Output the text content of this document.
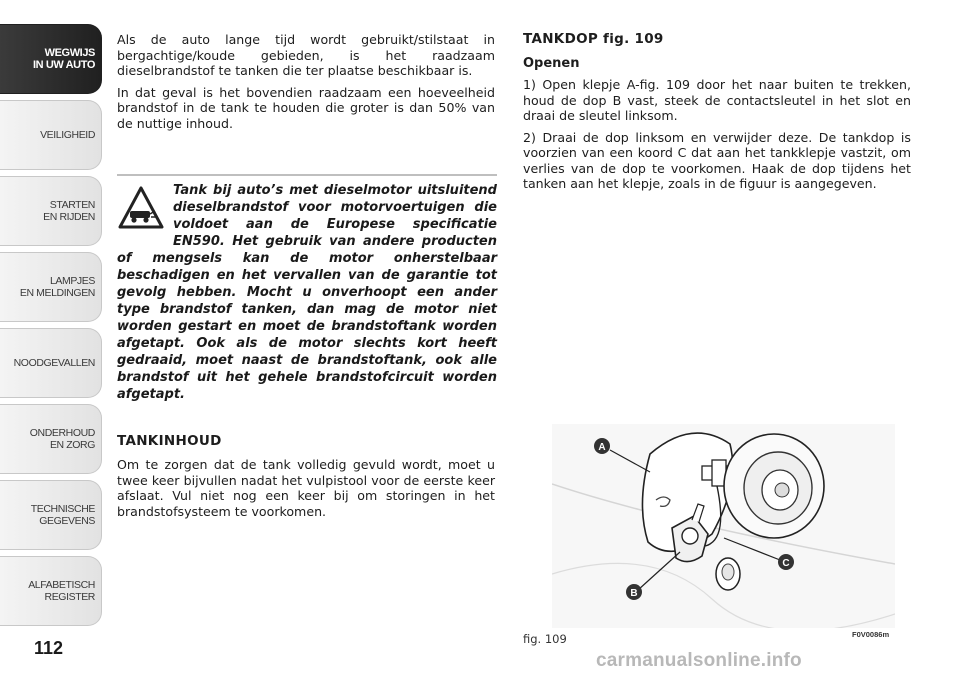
WEGWIJS
IN UW AUTO
VEILIGHEID
STARTEN
EN RIJDEN
LAMPJES
EN MELDINGEN
NOODGEVALLEN
ONDERHOUD
EN ZORG
TECHNISCHE
GEGEVENS
ALFABETISCH
REGISTER
112

Als de auto lange tijd wordt gebruikt/stilstaat in bergachtige/koude gebieden, is het raadzaam dieselbrandstof te tanken die ter plaatse beschikbaar is.

In dat geval is het bovendien raadzaam een hoeveelheid brandstof in de tank te houden die groter is dan 50% van de nuttige inhoud.

Tank bij auto’s met dieselmotor uitsluitend dieselbrandstof voor motorvoertuigen die voldoet aan de Europese specificatie EN590. Het gebruik van andere producten of mengsels kan de motor onherstelbaar beschadigen en het vervallen van de garantie tot gevolg hebben. Mocht u onverhoopt een ander type brandstof tanken, dan mag de motor niet worden gestart en moet de brandstoftank worden afgetapt. Ook als de motor slechts kort heeft gedraaid, moet naast de brandstoftank, ook alle brandstof uit het gehele brandstofcircuit worden afgetapt.
TANKINHOUD
Om te zorgen dat de tank volledig gevuld wordt, moet u twee keer bijvullen nadat het vulpistool voor de eerste keer afslaat. Vul niet nog een keer bij om storingen in het brandstofsysteem te voorkomen.
TANKDOP fig. 109
Openen

1) Open klepje A-fig. 109 door het naar buiten te trekken, houd de dop B vast, steek de contactsleutel in het slot en draai de sleutel linksom.

2) Draai de dop linksom en verwijder deze. De tankdop is voorzien van een koord C dat aan het tankklepje vastzit, om verlies van de dop te voorkomen. Haak de dop tijdens het tanken aan het klepje, zoals in de figuur is aangegeven.

A
B
C
fig. 109	F0V0086m
carmanualsonline.info
